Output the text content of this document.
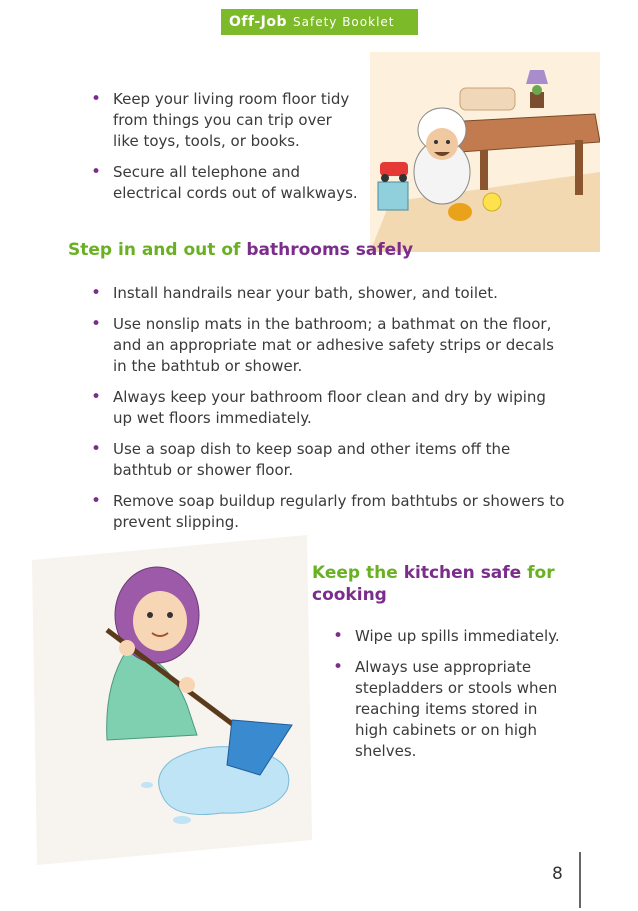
Off-Job Safety Booklet
• Keep your living room floor tidy from things you can trip over like toys, tools, or books.
• Secure all telephone and electrical cords out of walkways.
Step in and out of bathrooms safely
• Install handrails near your bath, shower, and toilet.
• Use nonslip mats in the bathroom; a bathmat on the floor, and an appropriate mat or adhesive safety strips or decals in the bathtub or shower.
• Always keep your bathroom floor clean and dry by wiping up wet floors immediately.
• Use a soap dish to keep soap and other items off the bathtub or shower floor.
• Remove soap buildup regularly from bathtubs or showers to prevent slipping.
Keep the kitchen safe for
cooking
• Wipe up spills immediately.
• Always use appropriate stepladders or stools when reaching items stored in high cabinets or on high shelves.
8
